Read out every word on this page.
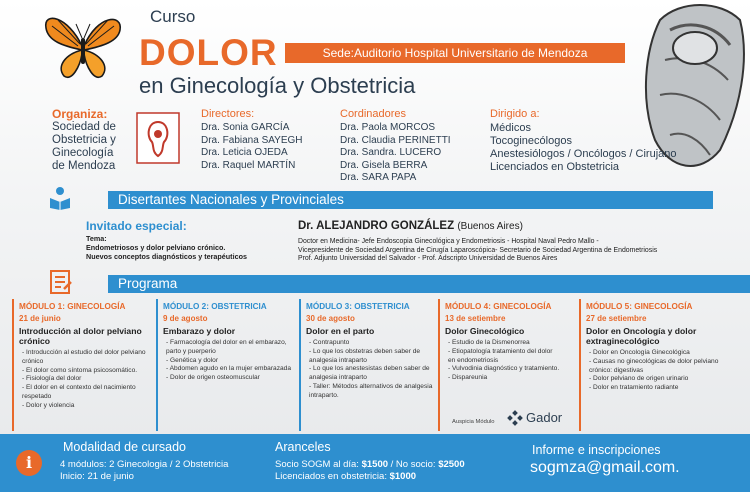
Curso
DOLOR
en Ginecología y Obstetricia
Sede:Auditorio Hospital Universitario de Mendoza
Organiza:
Sociedad de
Obstetricia y
Ginecología
de Mendoza
Directores:
Dra. Sonia GARCÍA
Dra. Fabiana SAYEGH
Dra. Leticia OJEDA
Dra. Raquel MARTÍN
Cordinadores
Dra. Paola MORCOS
Dra. Claudia PERINETTI
Dra. Sandra. LUCERO
Dra. Gisela BERRA
Dra. SARA PAPA
Dirigido a:
Médicos
Tocoginecólogos
Anestesiólogos / Oncólogos / Cirujano
Licenciados en Obstetricia
Disertantes Nacionales y Provinciales
Invitado especial:
Tema:
Endometriosos y dolor pelviano crónico.
Nuevos conceptos diagnósticos y terapéuticos
Dr. ALEJANDRO GONZÁLEZ (Buenos Aires)
Doctor en Medicina- Jefe Endoscopia Ginecológica y Endometriosis - Hospital Naval Pedro Mallo -
Vicepresidente de Sociedad Argentina de Cirugía Laparoscópica- Secretario de Sociedad Argentina de Endometriosis
Prof. Adjunto Universidad del Salvador - Prof. Adscripto Universidad de Buenos Aires
Programa
MÓDULO 1: GINECOLOGÍA
21 de junio
Introducción al dolor pelviano crónico
- Introducción al estudio del dolor pelviano
crónico
- El dolor como síntoma psicosomático.
- Fisiología del dolor
- El dolor en el contexto del nacimiento
respetado
- Dolor y violencia
MÓDULO 2: OBSTETRICIA
9 de agosto
Embarazo y dolor
- Farmacología del dolor en el embarazo,
parto y puerperio
- Genética y dolor
- Abdomen agudo en la mujer embarazada
- Dolor de origen osteomuscular
MÓDULO 3: OBSTETRICIA
30 de agosto
Dolor en el parto
- Contrapunto
- Lo que los obstetras deben saber de
analgesia intraparto
- Lo que los anestesistas deben saber de
analgesia intraparto
- Taller: Métodos alternativos de analgesia
intraparto.
MÓDULO 4: GINECOLOGÍA
13 de setiembre
Dolor Ginecológico
- Estudio de la Dismenorrea
- Etiopatología tratamiento del dolor
en endometriosis
- Vulvodinia diagnóstico y tratamiento.
- Dispareunia
MÓDULO 5: GINECOLOGÍA
27 de setiembre
Dolor en Oncología y dolor extraginecológico
- Dolor en Oncología Ginecológica
- Causas no ginecológicas de dolor pelviano
crónico: digestivas
- Dolor pelviano de origen urinario
- Dolor en tratamiento radiante
Auspicia Módulo Gador
i
Modalidad de cursado
4 módulos: 2 Ginecologia / 2 Obstetricia
Inicio: 21 de junio
Aranceles
Socio SOGM al día: $1500 / No socio: $2500
Licenciados en obstetricia: $1000
Informe e inscripciones
sogmza@gmail.com.
